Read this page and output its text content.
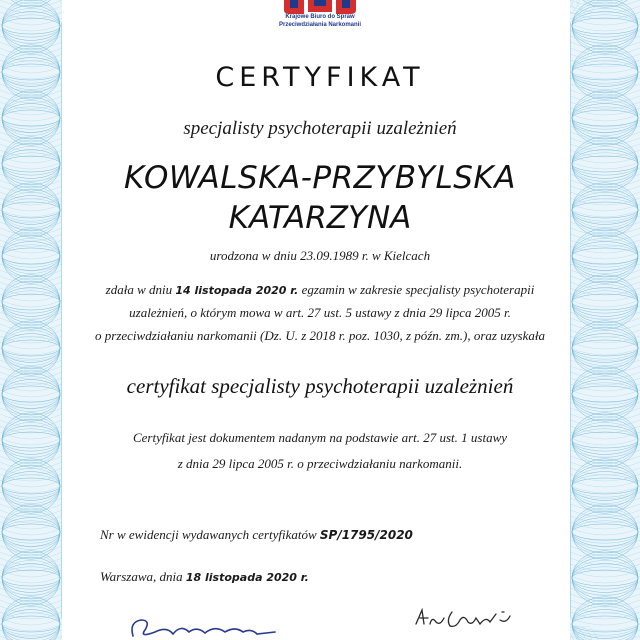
Krajowe Biuro do Spraw
Przeciwdziałania Narkomanii
CERTYFIKAT
specjalisty psychoterapii uzależnień
KOWALSKA-PRZYBYLSKA
KATARZYNA
urodzona w dniu 23.09.1989 r. w Kielcach
zdała w dniu 14 listopada 2020 r. egzamin w zakresie specjalisty psychoterapii
uzależnień, o którym mowa w art. 27 ust. 5 ustawy z dnia 29 lipca 2005 r.
o przeciwdziałaniu narkomanii (Dz. U. z 2018 r. poz. 1030, z późn. zm.), oraz uzyskała
certyfikat specjalisty psychoterapii uzależnień
Certyfikat jest dokumentem nadanym na podstawie art. 27 ust. 1 ustawy
z dnia 29 lipca 2005 r. o przeciwdziałaniu narkomanii.
Nr w ewidencji wydawanych certyfikatów SP/1795/2020
Warszawa, dnia 18 listopada 2020 r.
